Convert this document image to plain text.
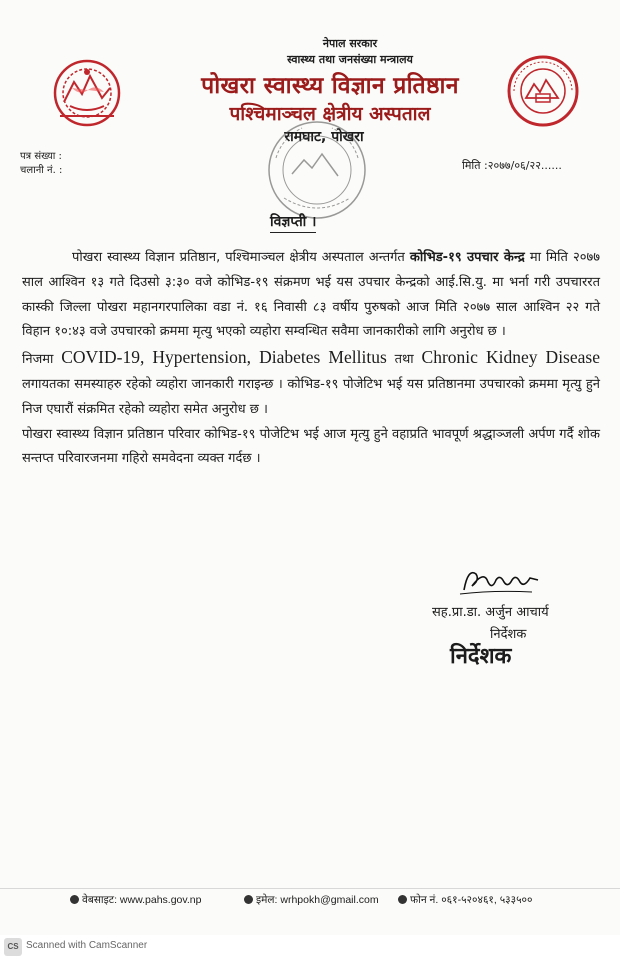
नेपाल सरकार
स्वास्थ्य तथा जनसंख्या मन्त्रालय
पोखरा स्वास्थ्य विज्ञान प्रतिष्ठान
पश्चिमाञ्चल क्षेत्रीय अस्पताल
रामघाट, पोखरा
पत्र संख्या :
चलानी नं. :	मिति :२०७७/०६/२२......
विज्ञप्ती ।

पोखरा स्वास्थ्य विज्ञान प्रतिष्ठान, पश्चिमाञ्चल क्षेत्रीय अस्पताल अन्तर्गत कोभिड-१९ उपचार केन्द्र मा मिति २०७७ साल आश्विन १३ गते दिउसो ३:३० वजे कोभिड-१९ संक्रमण भई यस उपचार केन्द्रको आई.सि.यु. मा भर्ना गरी उपचाररत कास्की जिल्ला पोखरा महानगरपालिका वडा नं. १६ निवासी ८३ वर्षीय पुरुषको आज मिति २०७७ साल आश्विन २२ गते विहान १०:४३ वजे उपचारको क्रममा मृत्यु भएको व्यहोरा सम्वन्धित सवैमा जानकारीको लागि अनुरोध छ ।

निजमा COVID-19, Hypertension, Diabetes Mellitus तथा Chronic Kidney Disease लगायतका समस्याहरु रहेको व्यहोरा जानकारी गराइन्छ । कोभिड-१९ पोजेटिभ भई यस प्रतिष्ठानमा उपचारको क्रममा मृत्यु हुने निज एघारौं संक्रमित रहेको व्यहोरा समेत अनुरोध छ ।

पोखरा स्वास्थ्य विज्ञान प्रतिष्ठान परिवार कोभिड-१९ पोजेटिभ भई आज मृत्यु हुने वहाप्रति भावपूर्ण श्रद्धाञ्जली अर्पण गर्दै शोक सन्तप्त परिवारजनमा गहिरो समवेदना व्यक्त गर्दछ ।

सह.प्रा.डा. अर्जुन आचार्य
निर्देशक
निर्देशक
वेबसाइट: www.pahs.gov.np	इमेल: wrhpokh@gmail.com	फोन नं. ०६१-५२०४६१, ५३३५००
CS Scanned with CamScanner
